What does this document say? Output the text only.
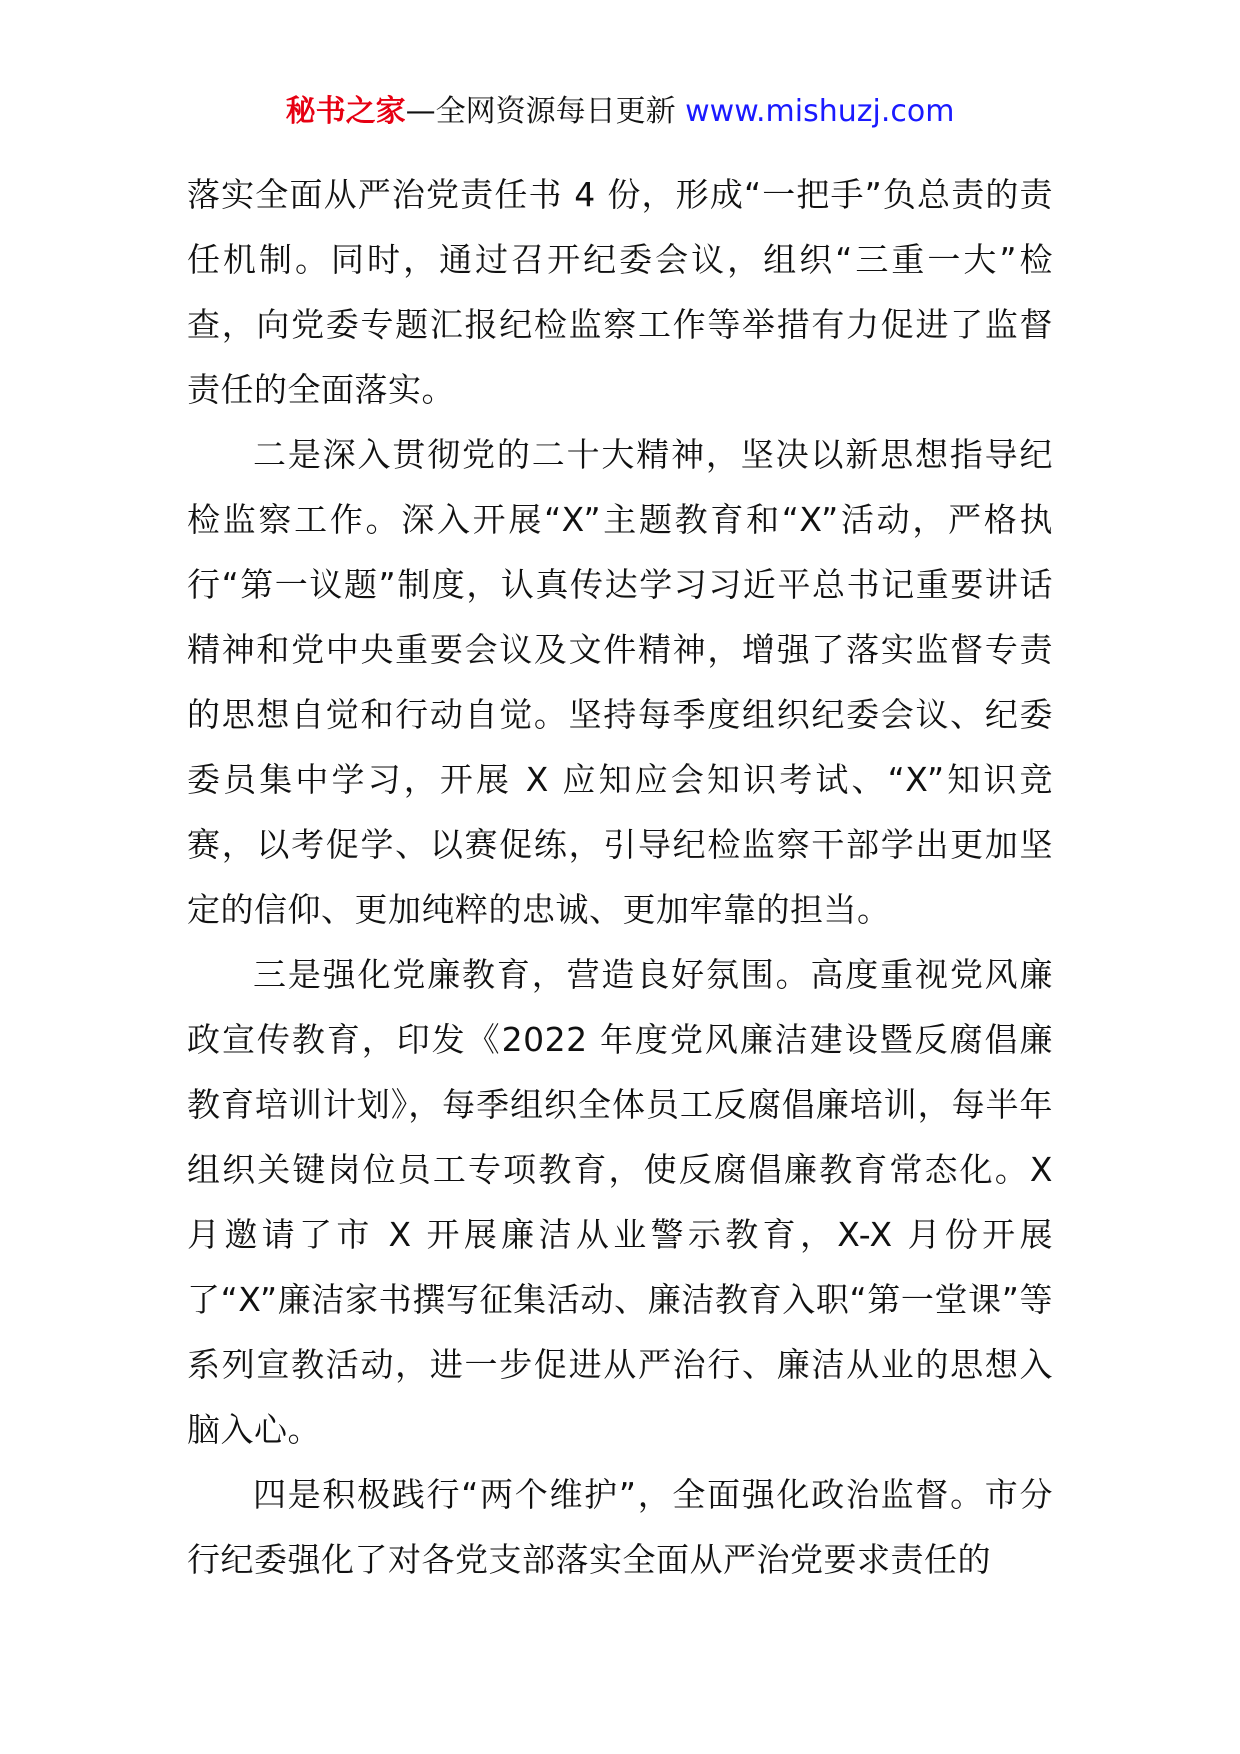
秘书之家—全网资源每日更新 www.mishuzj.com

落实全面从严治党责任书 4 份，形成“一把手”负总责的责任机制。同时，通过召开纪委会议，组织“三重一大”检查，向党委专题汇报纪检监察工作等举措有力促进了监督责任的全面落实。

二是深入贯彻党的二十大精神，坚决以新思想指导纪检监察工作。深入开展“X”主题教育和“X”活动，严格执行“第一议题”制度，认真传达学习习近平总书记重要讲话精神和党中央重要会议及文件精神，增强了落实监督专责的思想自觉和行动自觉。坚持每季度组织纪委会议、纪委委员集中学习，开展 X 应知应会知识考试、“X”知识竞赛，以考促学、以赛促练，引导纪检监察干部学出更加坚定的信仰、更加纯粹的忠诚、更加牢靠的担当。

三是强化党廉教育，营造良好氛围。高度重视党风廉政宣传教育，印发《2022 年度党风廉洁建设暨反腐倡廉教育培训计划》，每季组织全体员工反腐倡廉培训，每半年组织关键岗位员工专项教育，使反腐倡廉教育常态化。X 月邀请了市 X 开展廉洁从业警示教育，X-X 月份开展了“X”廉洁家书撰写征集活动、廉洁教育入职“第一堂课”等系列宣教活动，进一步促进从严治行、廉洁从业的思想入脑入心。

四是积极践行“两个维护”，全面强化政治监督。市分行纪委强化了对各党支部落实全面从严治党要求责任的
